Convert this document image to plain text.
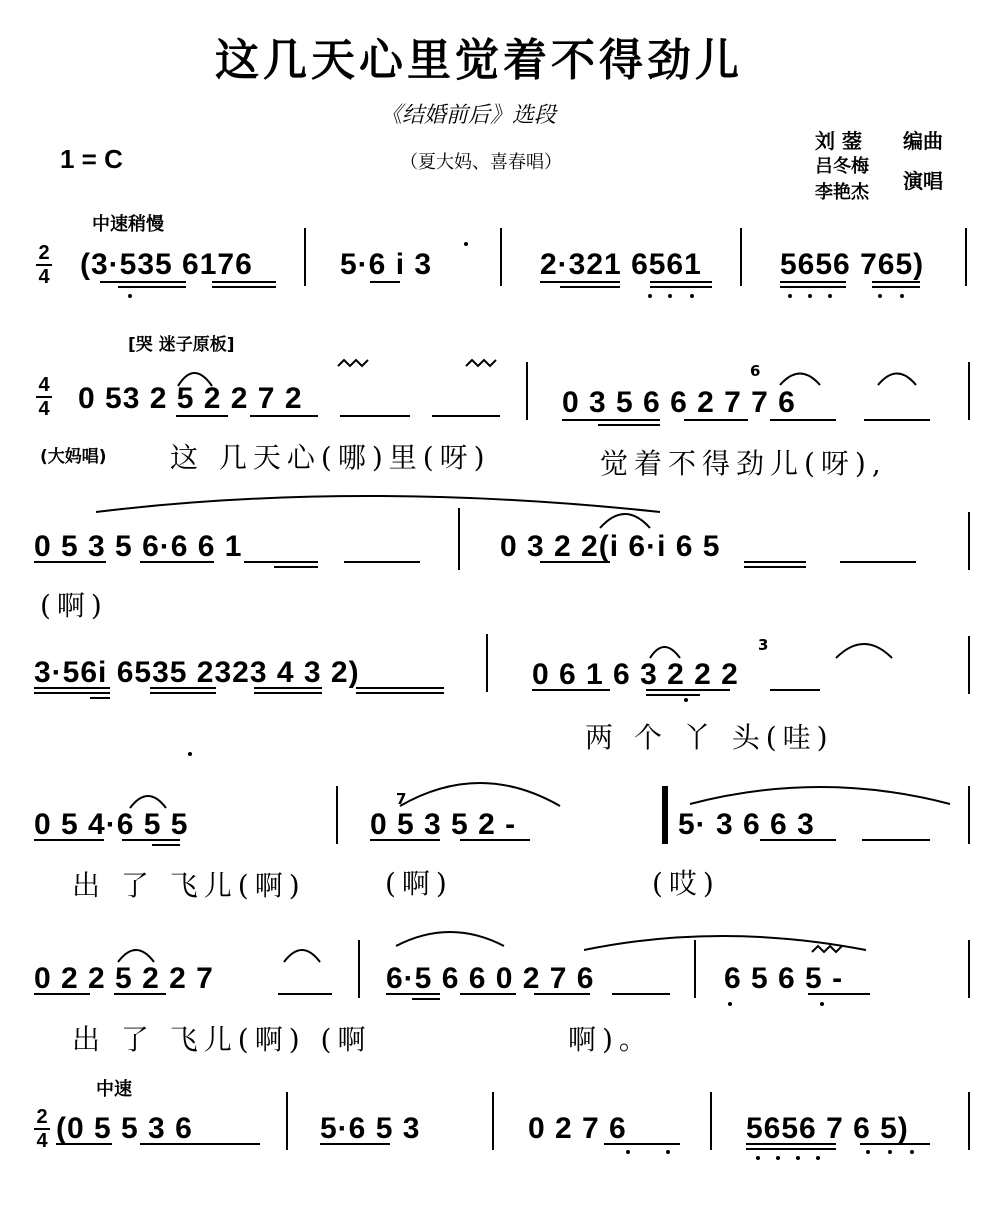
这几天心里觉着不得劲儿
《结婚前后》选段
（夏大妈、喜春唱）
1 = C
刘 蓥 编曲
吕冬梅
李艳杰 演唱
中速稍慢
2
4 (3·535 6176	5·6 i 3	2·321 6561	5656 765)
[哭 迷子原板]
4
4 0 53 2 5 2 2 7 2	0 3 5 6 6 2 7 7 6
6
(大妈唱) 这 几天心(哪)里(呀)	觉着不得劲儿(呀),
0 5 3 5 6·6 6 1	0 3 2 2(i 6·i 6 5
(啊)
3·56i 6535 2323 4 3 2)	0 6 1 6 3 2 2 2
3
两 个 丫 头(哇)
0 5 4·6 5 5	0 5 3 5 2 -
7
5· 3 6 6 3
出 了 飞儿(啊)	(啊)	(哎)
0 2 2 5 2 2 7	6·5 6 6 0 2 7 6	6 5 6 5 -
出 了 飞儿(啊) (啊	啊)。
中速
2
4 (0 5 5 3 6	5·6 5 3	0 2 7 6	5656 7 6 5)
